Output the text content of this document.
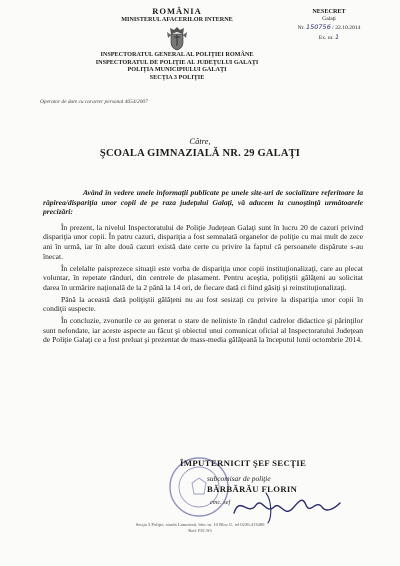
ROMÂNIA
MINISTERUL AFACERILOR INTERNE
INSPECTORATUL GENERAL AL POLIŢIEI ROMÂNE
INSPECTORATUL DE POLIŢIE AL JUDEŢULUI GALAŢI
POLIŢIA MUNICIPIULUI GALAŢI
SECŢIA 3 POLIŢIE
Operator de date cu caracter personal 4654/2007
NESECRET
Galaţi
Nr. 150756 / 22.10.2014
Ex. nr. 1
Către,
ŞCOALA GIMNAZIALĂ NR. 29 GALAŢI

Având în vedere unele informaţii publicate pe unele site-uri de socializare referitoare la răpirea/dispariţia unor copii de pe raza judeţului Galaţi, vă aducem la cunoştinţă următoarele precizări:

În prezent, la nivelul Inspectoratului de Poliţie Judeţean Galaţi sunt în lucru 20 de cazuri privind dispariţia unor copii. În patru cazuri, dispariţia a fost semnalată organelor de poliţie cu mai mult de zece ani în urmă, iar în alte două cazuri există date certe cu privire la faptul că persoanele dispărute s-au înecat.

În celelalte paisprezece situaţii este vorba de dispariţia unor copii instituţionalizaţi, care au plecat voluntar, în repetate rânduri, din centrele de plasament. Pentru aceştia, poliţiştii gălăţeni au solicitat darea în urmărire naţională de la 2 până la 14 ori, de fiecare dată ci fiind găsiţi şi reinstituţionalizaţi.

Până la această dată poliţiştii gălăţeni nu au fost sesizaţi cu privire la dispariţia unor copii în condiţii suspecte.

În concluzie, zvonurile ce au generat o stare de neliniste în rândul cadrelor didactice şi părinţilor sunt nefondate, iar aceste aspecte au făcut şi obiectul unui comunicat oficial al Inspectoratului Judeţean de Poliţie Galaţi ce a fost preluat şi prezentat de mass-media gălăţeană la începutul lunii octombrie 2014.

ÎMPUTERNICIT ŞEF SECŢIE
subcomisar de poliţie
BĂRBĂRĂU FLORIN
cmc. sef
Secţia 3 Poliţie, strada Lamotesti, bloc nr. 10 Bloc U, tel 0236.413400
Red. P.D./S3
